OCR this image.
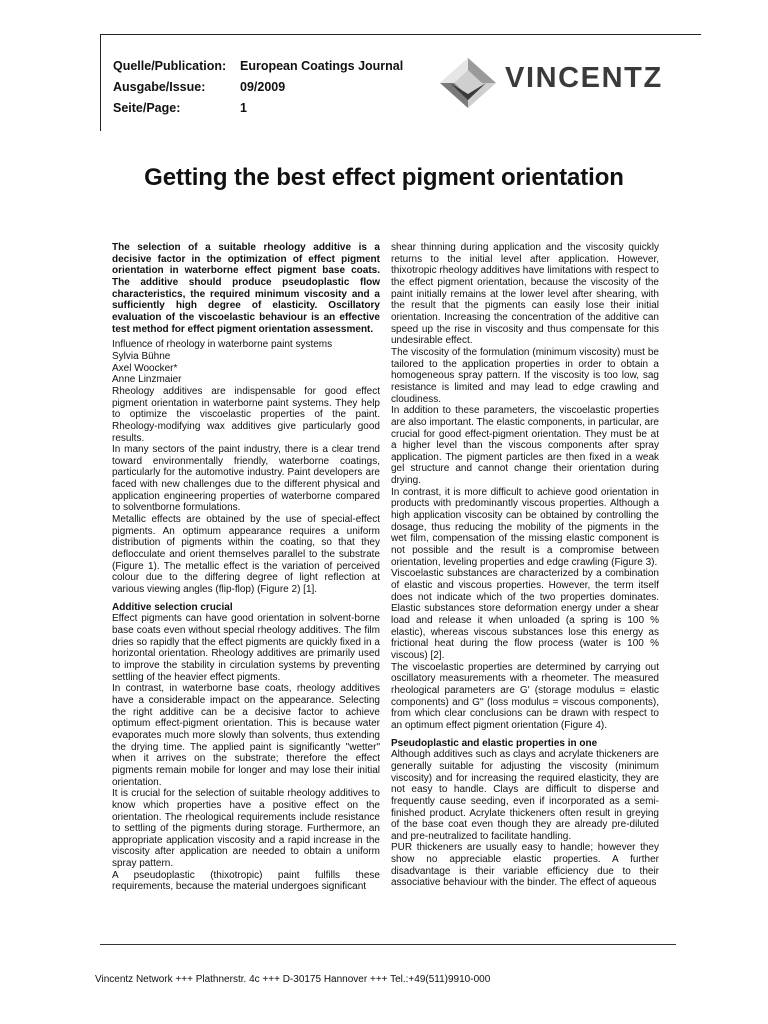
Quelle/Publication:	European Coatings Journal
Ausgabe/Issue:	09/2009
Seite/Page:	1
VINCENTZ
Getting the best effect pigment orientation

The selection of a suitable rheology additive is a decisive factor in the optimization of effect pigment orientation in waterborne effect pigment base coats. The additive should produce pseudoplastic flow characteristics, the required minimum viscosity and a sufficiently high degree of elasticity. Oscillatory evaluation of the viscoelastic behaviour is an effective test method for effect pigment orientation assessment.

Influence of rheology in waterborne paint systems

Sylvia Bühne

Axel Woocker*

Anne Linzmaier

Rheology additives are indispensable for good effect pigment orientation in waterborne paint systems. They help to optimize the viscoelastic properties of the paint. Rheology-modifying wax additives give particularly good results.

In many sectors of the paint industry, there is a clear trend toward environmentally friendly, waterborne coatings, particularly for the automotive industry. Paint developers are faced with new challenges due to the different physical and application engineering properties of waterborne compared to solventborne formulations.

Metallic effects are obtained by the use of special-effect pigments. An optimum appearance requires a uniform distribution of pigments within the coating, so that they deflocculate and orient themselves parallel to the substrate (Figure 1). The metallic effect is the variation of perceived colour due to the differing degree of light reflection at various viewing angles (flip-flop) (Figure 2) [1].

Additive selection crucial

Effect pigments can have good orientation in solvent-borne base coats even without special rheology additives. The film dries so rapidly that the effect pigments are quickly fixed in a horizontal orientation. Rheology additives are primarily used to improve the stability in circulation systems by preventing settling of the heavier effect pigments.

In contrast, in waterborne base coats, rheology additives have a considerable impact on the appearance. Selecting the right additive can be a decisive factor to achieve optimum effect-pigment orientation. This is because water evaporates much more slowly than solvents, thus extending the drying time. The applied paint is significantly "wetter" when it arrives on the substrate; therefore the effect pigments remain mobile for longer and may lose their initial orientation.

It is crucial for the selection of suitable rheology additives to know which properties have a positive effect on the orientation. The rheological requirements include resistance to settling of the pigments during storage. Furthermore, an appropriate application viscosity and a rapid increase in the viscosity after application are needed to obtain a uniform spray pattern.

A pseudoplastic (thixotropic) paint fulfills these requirements, because the material undergoes significant

shear thinning during application and the viscosity quickly returns to the initial level after application. However, thixotropic rheology additives have limitations with respect to the effect pigment orientation, because the viscosity of the paint initially remains at the lower level after shearing, with the result that the pigments can easily lose their initial orientation. Increasing the concentration of the additive can speed up the rise in viscosity and thus compensate for this undesirable effect.

The viscosity of the formulation (minimum viscosity) must be tailored to the application properties in order to obtain a homogeneous spray pattern. If the viscosity is too low, sag resistance is limited and may lead to edge crawling and cloudiness.

In addition to these parameters, the viscoelastic properties are also important. The elastic components, in particular, are crucial for good effect-pigment orientation. They must be at a higher level than the viscous components after spray application. The pigment particles are then fixed in a weak gel structure and cannot change their orientation during drying.

In contrast, it is more difficult to achieve good orientation in products with predominantly viscous properties. Although a high application viscosity can be obtained by controlling the dosage, thus reducing the mobility of the pigments in the wet film, compensation of the missing elastic component is not possible and the result is a compromise between orientation, leveling properties and edge crawling (Figure 3).

Viscoelastic substances are characterized by a combination of elastic and viscous properties. However, the term itself does not indicate which of the two properties dominates. Elastic substances store deformation energy under a shear load and release it when unloaded (a spring is 100 % elastic), whereas viscous substances lose this energy as frictional heat during the flow process (water is 100 % viscous) [2].

The viscoelastic properties are determined by carrying out oscillatory measurements with a rheometer. The measured rheological parameters are G' (storage modulus = elastic components) and G'' (loss modulus = viscous components), from which clear conclusions can be drawn with respect to an optimum effect pigment orientation (Figure 4).

Pseudoplastic and elastic properties in one

Although additives such as clays and acrylate thickeners are generally suitable for adjusting the viscosity (minimum viscosity) and for increasing the required elasticity, they are not easy to handle. Clays are difficult to disperse and frequently cause seeding, even if incorporated as a semi-finished product. Acrylate thickeners often result in greying of the base coat even though they are already pre-diluted and pre-neutralized to facilitate handling.

PUR thickeners are usually easy to handle; however they show no appreciable elastic properties. A further disadvantage is their variable efficiency due to their associative behaviour with the binder. The effect of aqueous

Vincentz Network +++ Plathnerstr. 4c +++ D-30175 Hannover +++ Tel.:+49(511)9910-000
